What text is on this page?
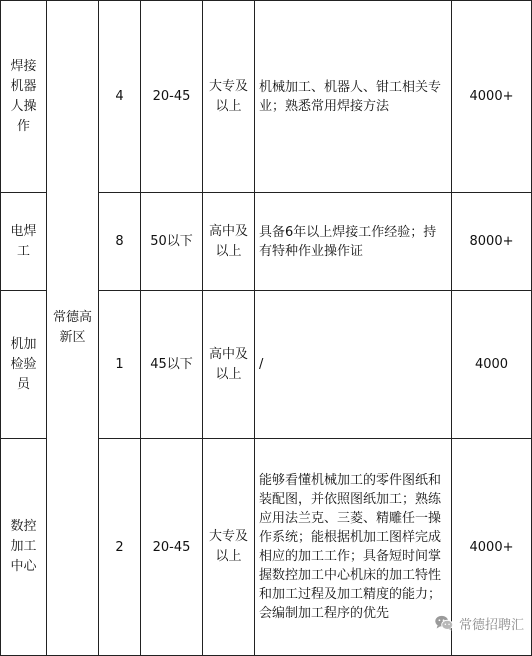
焊接机器人操作	常德高新区	4	20-45	大专及以上	机械加工、机器人、钳工相关专业；熟悉常用焊接方法	4000+
电焊工		8	50以下	高中及以上	具备6年以上焊接工作经验；持有特种作业操作证	8000+
机加检验员		1	45以下	高中及以上	/	4000
数控加工中心		2	20-45	大专及以上	能够看懂机械加工的零件图纸和装配图，并依照图纸加工；熟练应用法兰克、三菱、精雕任一操作系统；能根据机加工图样完成相应的加工工作；具备短时间掌握数控加工中心机床的加工特性和加工过程及加工精度的能力；会编制加工程序的优先	4000+
常德招聘汇
